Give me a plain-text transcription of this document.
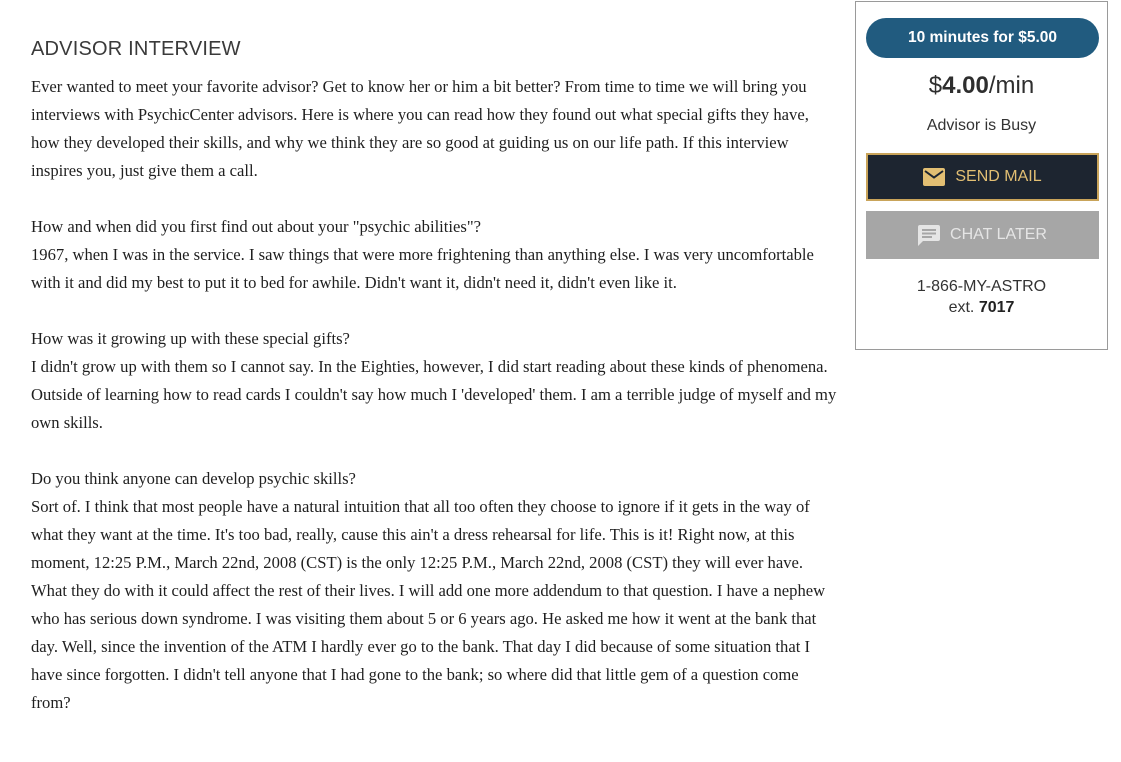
ADVISOR INTERVIEW

Ever wanted to meet your favorite advisor? Get to know her or him a bit better? From time to time we will bring you interviews with PsychicCenter advisors. Here is where you can read how they found out what special gifts they have, how they developed their skills, and why we think they are so good at guiding us on our life path. If this interview inspires you, just give them a call.

How and when did you first find out about your "psychic abilities"?
1967, when I was in the service. I saw things that were more frightening than anything else. I was very uncomfortable with it and did my best to put it to bed for awhile. Didn't want it, didn't need it, didn't even like it.

How was it growing up with these special gifts?
I didn't grow up with them so I cannot say. In the Eighties, however, I did start reading about these kinds of phenomena. Outside of learning how to read cards I couldn't say how much I 'developed' them. I am a terrible judge of myself and my own skills.

Do you think anyone can develop psychic skills?
Sort of. I think that most people have a natural intuition that all too often they choose to ignore if it gets in the way of what they want at the time. It's too bad, really, cause this ain't a dress rehearsal for life. This is it! Right now, at this moment, 12:25 P.M., March 22nd, 2008 (CST) is the only 12:25 P.M., March 22nd, 2008 (CST) they will ever have. What they do with it could affect the rest of their lives. I will add one more addendum to that question. I have a nephew who has serious down syndrome. I was visiting them about 5 or 6 years ago. He asked me how it went at the bank that day. Well, since the invention of the ATM I hardly ever go to the bank. That day I did because of some situation that I have since forgotten. I didn't tell anyone that I had gone to the bank; so where did that little gem of a question come from?

10 minutes for $5.00
$4.00/min
Advisor is Busy
SEND MAIL
CHAT LATER
1-866-MY-ASTRO
ext. 7017
